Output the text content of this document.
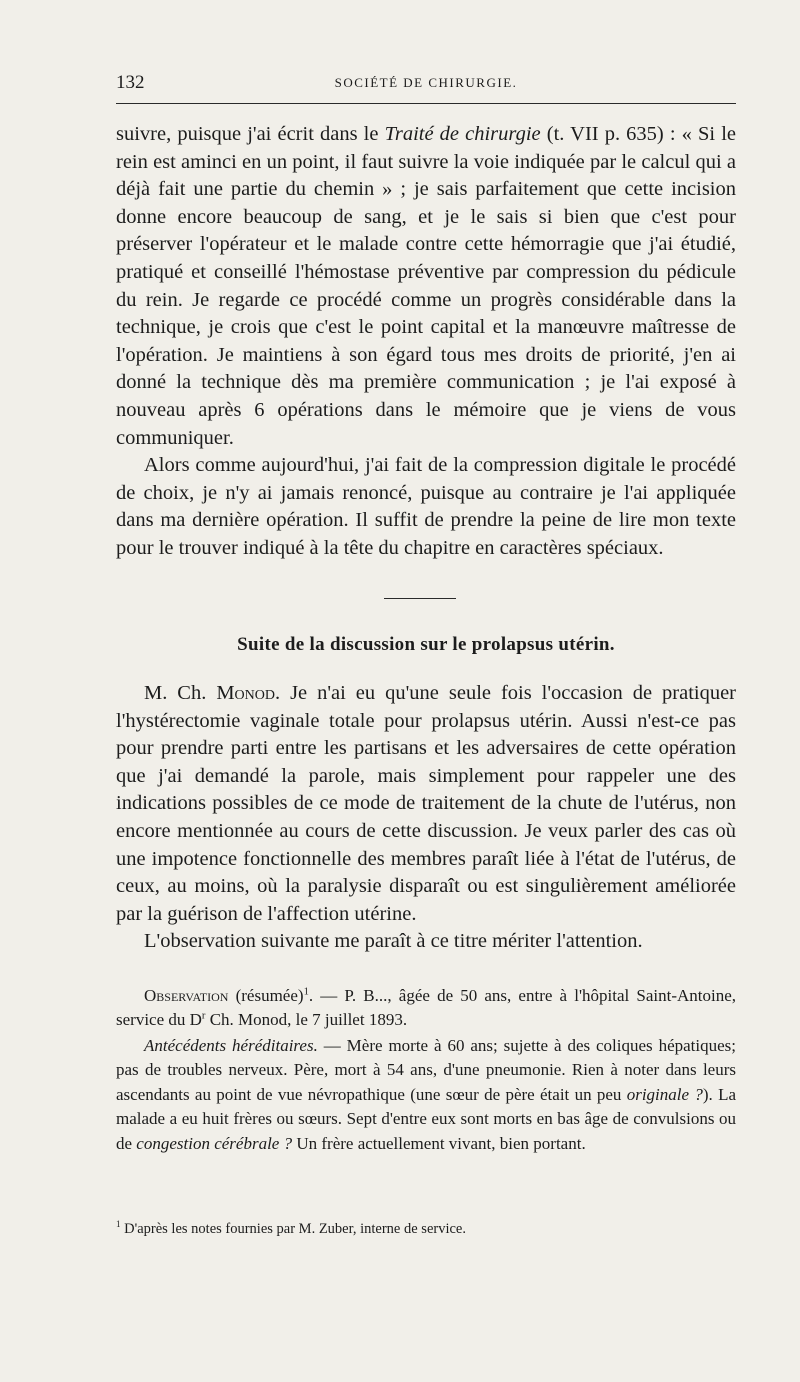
132	SOCIÉTÉ DE CHIRURGIE.

suivre, puisque j'ai écrit dans le Traité de chirurgie (t. VII p. 635) : « Si le rein est aminci en un point, il faut suivre la voie indiquée par le calcul qui a déjà fait une partie du chemin » ; je sais parfaitement que cette incision donne encore beaucoup de sang, et je le sais si bien que c'est pour préserver l'opérateur et le malade contre cette hémorragie que j'ai étudié, pratiqué et conseillé l'hémostase préventive par compression du pédicule du rein. Je regarde ce procédé comme un progrès considérable dans la technique, je crois que c'est le point capital et la manœuvre maîtresse de l'opération. Je maintiens à son égard tous mes droits de priorité, j'en ai donné la technique dès ma première communication ; je l'ai exposé à nouveau après 6 opérations dans le mémoire que je viens de vous communiquer.

Alors comme aujourd'hui, j'ai fait de la compression digitale le procédé de choix, je n'y ai jamais renoncé, puisque au contraire je l'ai appliquée dans ma dernière opération. Il suffit de prendre la peine de lire mon texte pour le trouver indiqué à la tête du chapitre en caractères spéciaux.

Suite de la discussion sur le prolapsus utérin.

M. Ch. Monod. Je n'ai eu qu'une seule fois l'occasion de pratiquer l'hystérectomie vaginale totale pour prolapsus utérin. Aussi n'est-ce pas pour prendre parti entre les partisans et les adversaires de cette opération que j'ai demandé la parole, mais simplement pour rappeler une des indications possibles de ce mode de traitement de la chute de l'utérus, non encore mentionnée au cours de cette discussion. Je veux parler des cas où une impotence fonctionnelle des membres paraît liée à l'état de l'utérus, de ceux, au moins, où la paralysie disparaît ou est singulièrement améliorée par la guérison de l'affection utérine.

L'observation suivante me paraît à ce titre mériter l'attention.

Observation (résumée)$^1$. — P. B..., âgée de 50 ans, entre à l'hôpital Saint-Antoine, service du $D^r$ Ch. Monod, le 7 juillet 1893.

Antécédents héréditaires. — Mère morte à 60 ans; sujette à des coliques hépatiques; pas de troubles nerveux. Père, mort à 54 ans, d'une pneumonie. Rien à noter dans leurs ascendants au point de vue névropathique (une sœur de père était un peu originale ?). La malade a eu huit frères ou sœurs. Sept d'entre eux sont morts en bas âge de convulsions ou de congestion cérébrale ? Un frère actuellement vivant, bien portant.

$^1$ D'après les notes fournies par M. Zuber, interne de service.
